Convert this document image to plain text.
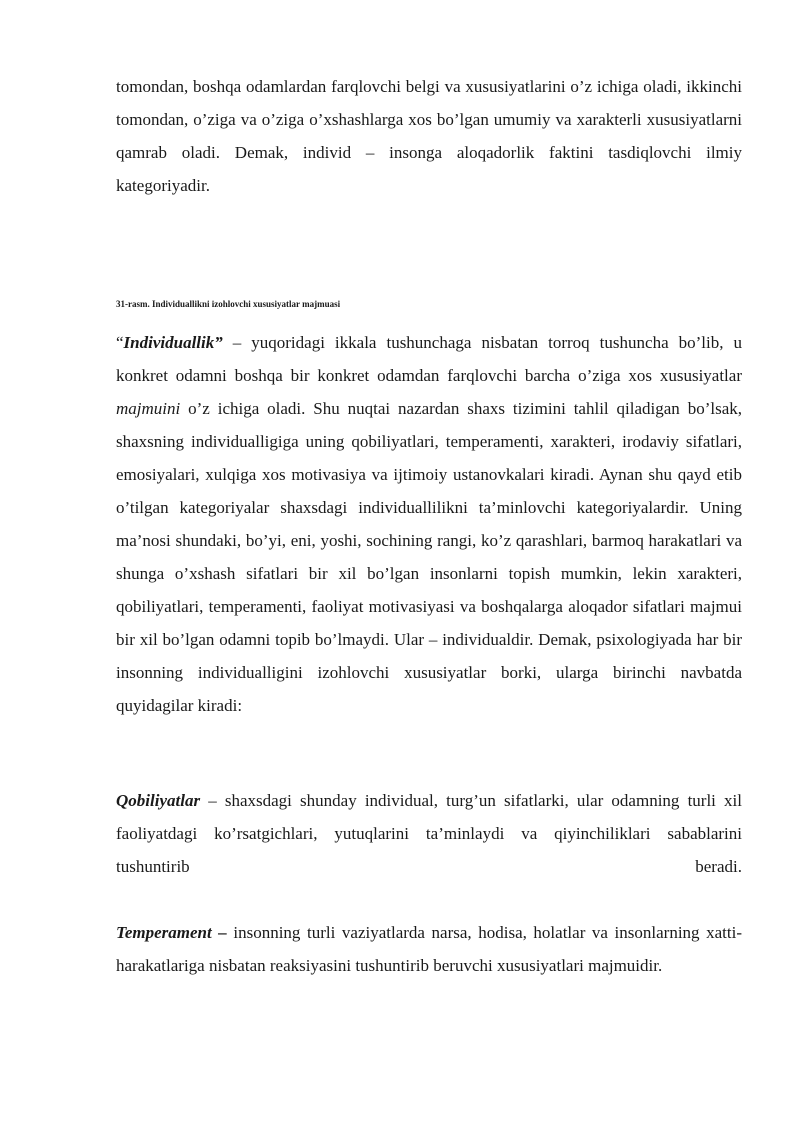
tomondan, boshqa odamlardan farqlovchi belgi va xususiyatlarini o’z ichiga oladi, ikkinchi tomondan, o’ziga va o’ziga o’xshashlarga xos bo’lgan umumiy va xarakterli xususiyatlarni qamrab oladi. Demak, individ – insonga aloqadorlik faktini tasdiqlovchi ilmiy kategoriyadir.

31-rasm. Individuallikni izohlovchi xususiyatlar majmuasi

“Individuallik” – yuqoridagi ikkala tushunchaga nisbatan torroq tushuncha bo’lib, u konkret odamni boshqa bir konkret odamdan farqlovchi barcha o’ziga xos xususiyatlar majmuini o’z ichiga oladi. Shu nuqtai nazardan shaxs tizimini tahlil qiladigan bo’lsak, shaxsning individualligiga uning qobiliyatlari, temperamenti, xarakteri, irodaviy sifatlari, emosiyalari, xulqiga xos motivasiya va ijtimoiy ustanovkalari kiradi. Aynan shu qayd etib o’tilgan kategoriyalar shaxsdagi individuallilikni ta’minlovchi kategoriyalardir. Uning ma’nosi shundaki, bo’yi, eni, yoshi, sochining rangi, ko’z qarashlari, barmoq harakatlari va shunga o’xshash sifatlari bir xil bo’lgan insonlarni topish mumkin, lekin xarakteri, qobiliyatlari, temperamenti, faoliyat motivasiyasi va boshqalarga aloqador sifatlari majmui bir xil bo’lgan odamni topib bo’lmaydi. Ular – individualdir. Demak, psixologiyada har bir insonning individualligini izohlovchi xususiyatlar borki, ularga birinchi navbatda quyidagilar kiradi:

Qobiliyatlar – shaxsdagi shunday individual, turg’un sifatlarki, ular odamning turli xil faoliyatdagi ko’rsatgichlari, yutuqlarini ta’minlaydi va qiyinchiliklari sabablarini tushuntirib beradi.

Temperament – insonning turli vaziyatlarda narsa, hodisa, holatlar va insonlarning xatti-harakatlariga nisbatan reaksiyasini tushuntirib beruvchi xususiyatlari majmuidir.
